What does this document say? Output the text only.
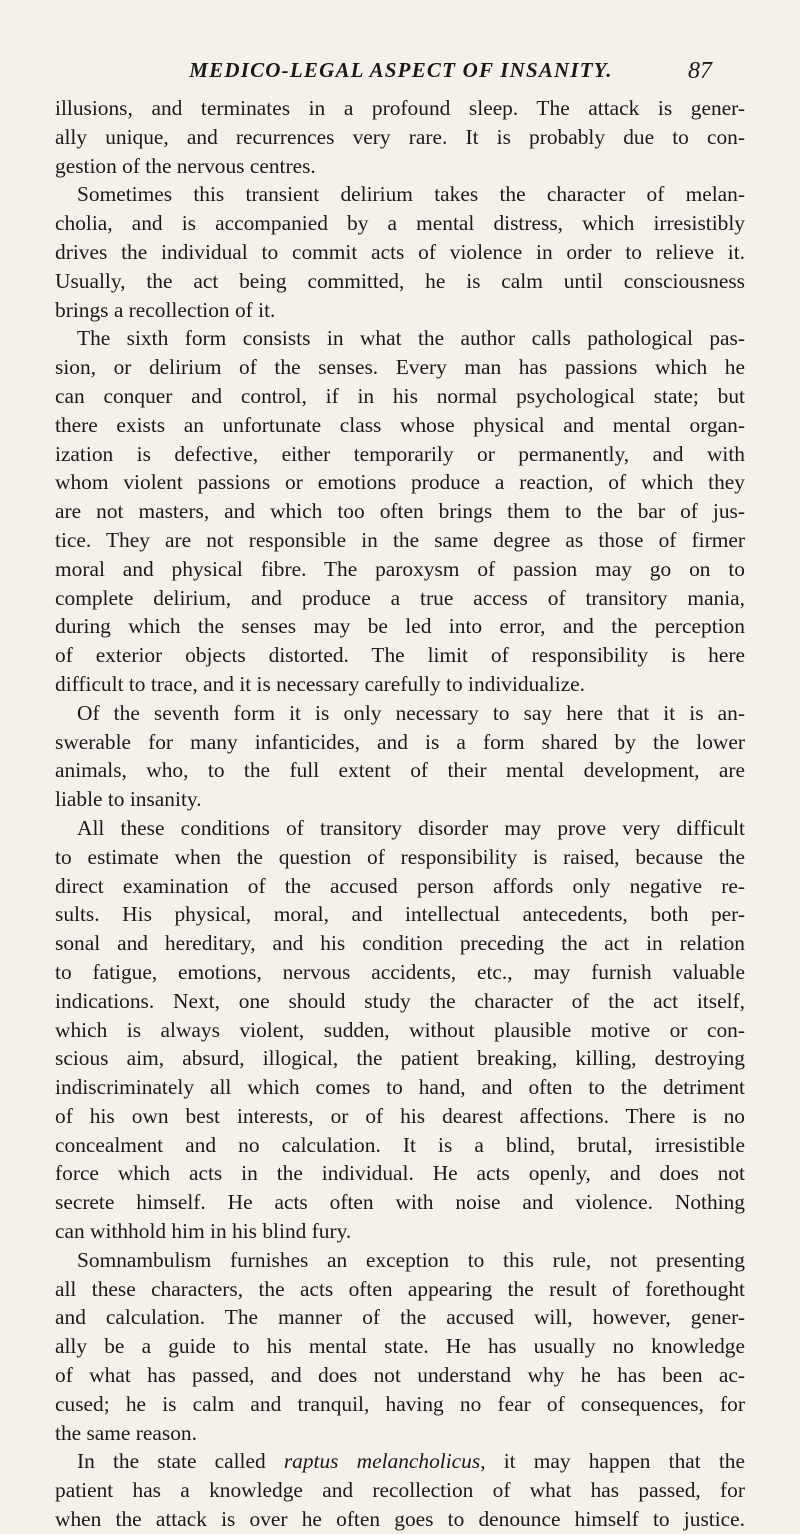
MEDICO-LEGAL ASPECT OF INSANITY.	87
illusions, and terminates in a profound sleep. The attack is gener-
ally unique, and recurrences very rare. It is probably due to con-
gestion of the nervous centres.
Sometimes this transient delirium takes the character of melan-
cholia, and is accompanied by a mental distress, which irresistibly
drives the individual to commit acts of violence in order to relieve it.
Usually, the act being committed, he is calm until consciousness
brings a recollection of it.
The sixth form consists in what the author calls pathological pas-
sion, or delirium of the senses. Every man has passions which he
can conquer and control, if in his normal psychological state; but
there exists an unfortunate class whose physical and mental organ-
ization is defective, either temporarily or permanently, and with
whom violent passions or emotions produce a reaction, of which they
are not masters, and which too often brings them to the bar of jus-
tice. They are not responsible in the same degree as those of firmer
moral and physical fibre. The paroxysm of passion may go on to
complete delirium, and produce a true access of transitory mania,
during which the senses may be led into error, and the perception
of exterior objects distorted. The limit of responsibility is here
difficult to trace, and it is necessary carefully to individualize.
Of the seventh form it is only necessary to say here that it is an-
swerable for many infanticides, and is a form shared by the lower
animals, who, to the full extent of their mental development, are
liable to insanity.
All these conditions of transitory disorder may prove very difficult
to estimate when the question of responsibility is raised, because the
direct examination of the accused person affords only negative re-
sults. His physical, moral, and intellectual antecedents, both per-
sonal and hereditary, and his condition preceding the act in relation
to fatigue, emotions, nervous accidents, etc., may furnish valuable
indications. Next, one should study the character of the act itself,
which is always violent, sudden, without plausible motive or con-
scious aim, absurd, illogical, the patient breaking, killing, destroying
indiscriminately all which comes to hand, and often to the detriment
of his own best interests, or of his dearest affections. There is no
concealment and no calculation. It is a blind, brutal, irresistible
force which acts in the individual. He acts openly, and does not
secrete himself. He acts often with noise and violence. Nothing
can withhold him in his blind fury.
Somnambulism furnishes an exception to this rule, not presenting
all these characters, the acts often appearing the result of forethought
and calculation. The manner of the accused will, however, gener-
ally be a guide to his mental state. He has usually no knowledge
of what has passed, and does not understand why he has been ac-
cused; he is calm and tranquil, having no fear of consequences, for
the same reason.
In the state called raptus melancholicus, it may happen that the
patient has a knowledge and recollection of what has passed, for
when the attack is over he often goes to denounce himself to justice.
